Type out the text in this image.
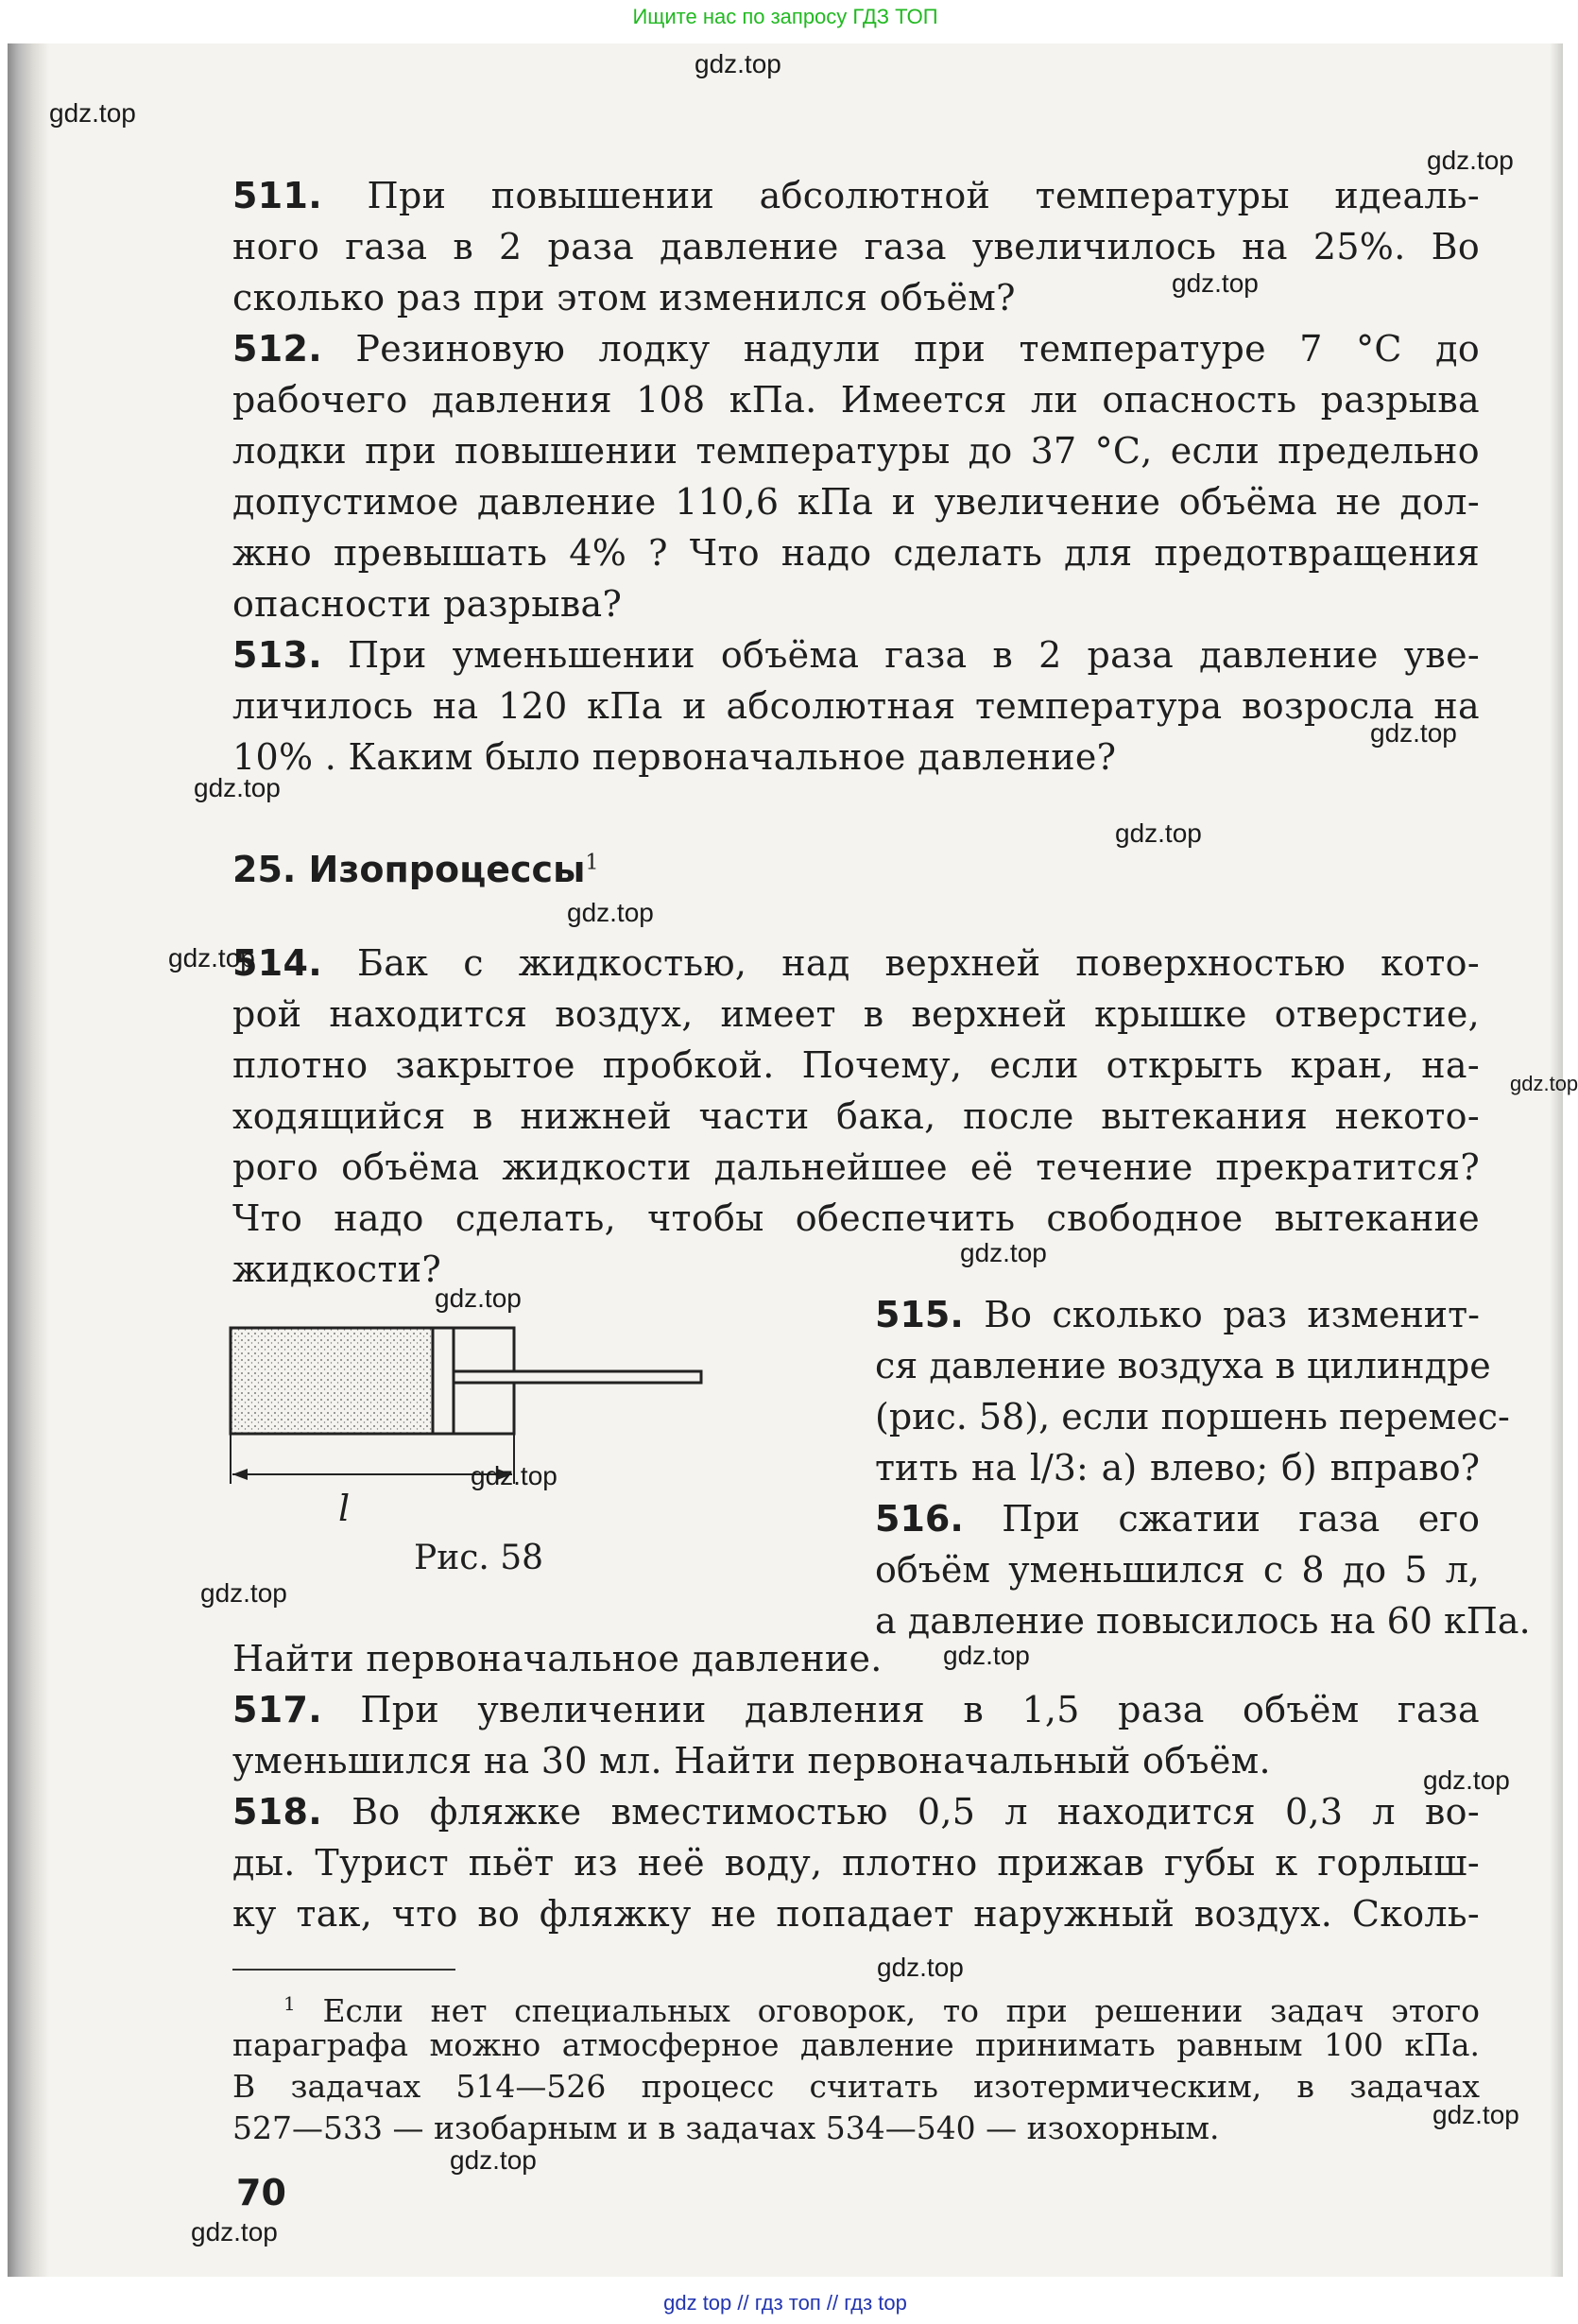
Ищите нас по запросу ГДЗ ТОП
511. При повышении абсолютной температуры идеаль-
ного газа в 2 раза давление газа увеличилось на 25%. Во
сколько раз при этом изменился объём?
512. Резиновую лодку надули при температуре 7 °С до
рабочего давления 108 кПа. Имеется ли опасность разрыва
лодки при повышении температуры до 37 °С, если предельно
допустимое давление 110,6 кПа и увеличение объёма не дол-
жно превышать 4% ? Что надо сделать для предотвращения
опасности разрыва?
513. При уменьшении объёма газа в 2 раза давление уве-
личилось на 120 кПа и абсолютная температура возросла на
10% . Каким было первоначальное давление?
25. Изопроцессы$^1$
514. Бак с жидкостью, над верхней поверхностью кото-
рой находится воздух, имеет в верхней крышке отверстие,
плотно закрытое пробкой. Почему, если открыть кран, на-
ходящийся в нижней части бака, после вытекания некото-
рого объёма жидкости дальнейшее её течение прекратится?
Что надо сделать, чтобы обеспечить свободное вытекание
жидкости?
l
Рис. 58
515. Во сколько раз изменит-
ся давление воздуха в цилиндре
(рис. 58), если поршень перемес-
тить на l/3: а) влево; б) вправо?
516. При сжатии газа его
объём уменьшился с 8 до 5 л,
а давление повысилось на 60 кПа.
Найти первоначальное давление.
517. При увеличении давления в 1,5 раза объём газа
уменьшился на 30 мл. Найти первоначальный объём.
518. Во фляжке вместимостью 0,5 л находится 0,3 л во-
ды. Турист пьёт из неё воду, плотно прижав губы к горлыш-
ку так, что во фляжку не попадает наружный воздух. Сколь-
$^1$ Если нет специальных оговорок, то при решении задач этого
параграфа можно атмосферное давление принимать равным 100 кПа.
В задачах 514—526 процесс считать изотермическим, в задачах
527—533 — изобарным и в задачах 534—540 — изохорным.
70
gdz.top
gdz.top
gdz.top
gdz.top
gdz.top
gdz.top
gdz.top
gdz.top
gdz.top
gdz.top
gdz.top
gdz.top
gdz.top
gdz.top
gdz.top
gdz.top
gdz.top
gdz.top
gdz.top
gdz.top
gdz top // гдз топ // гдз top
